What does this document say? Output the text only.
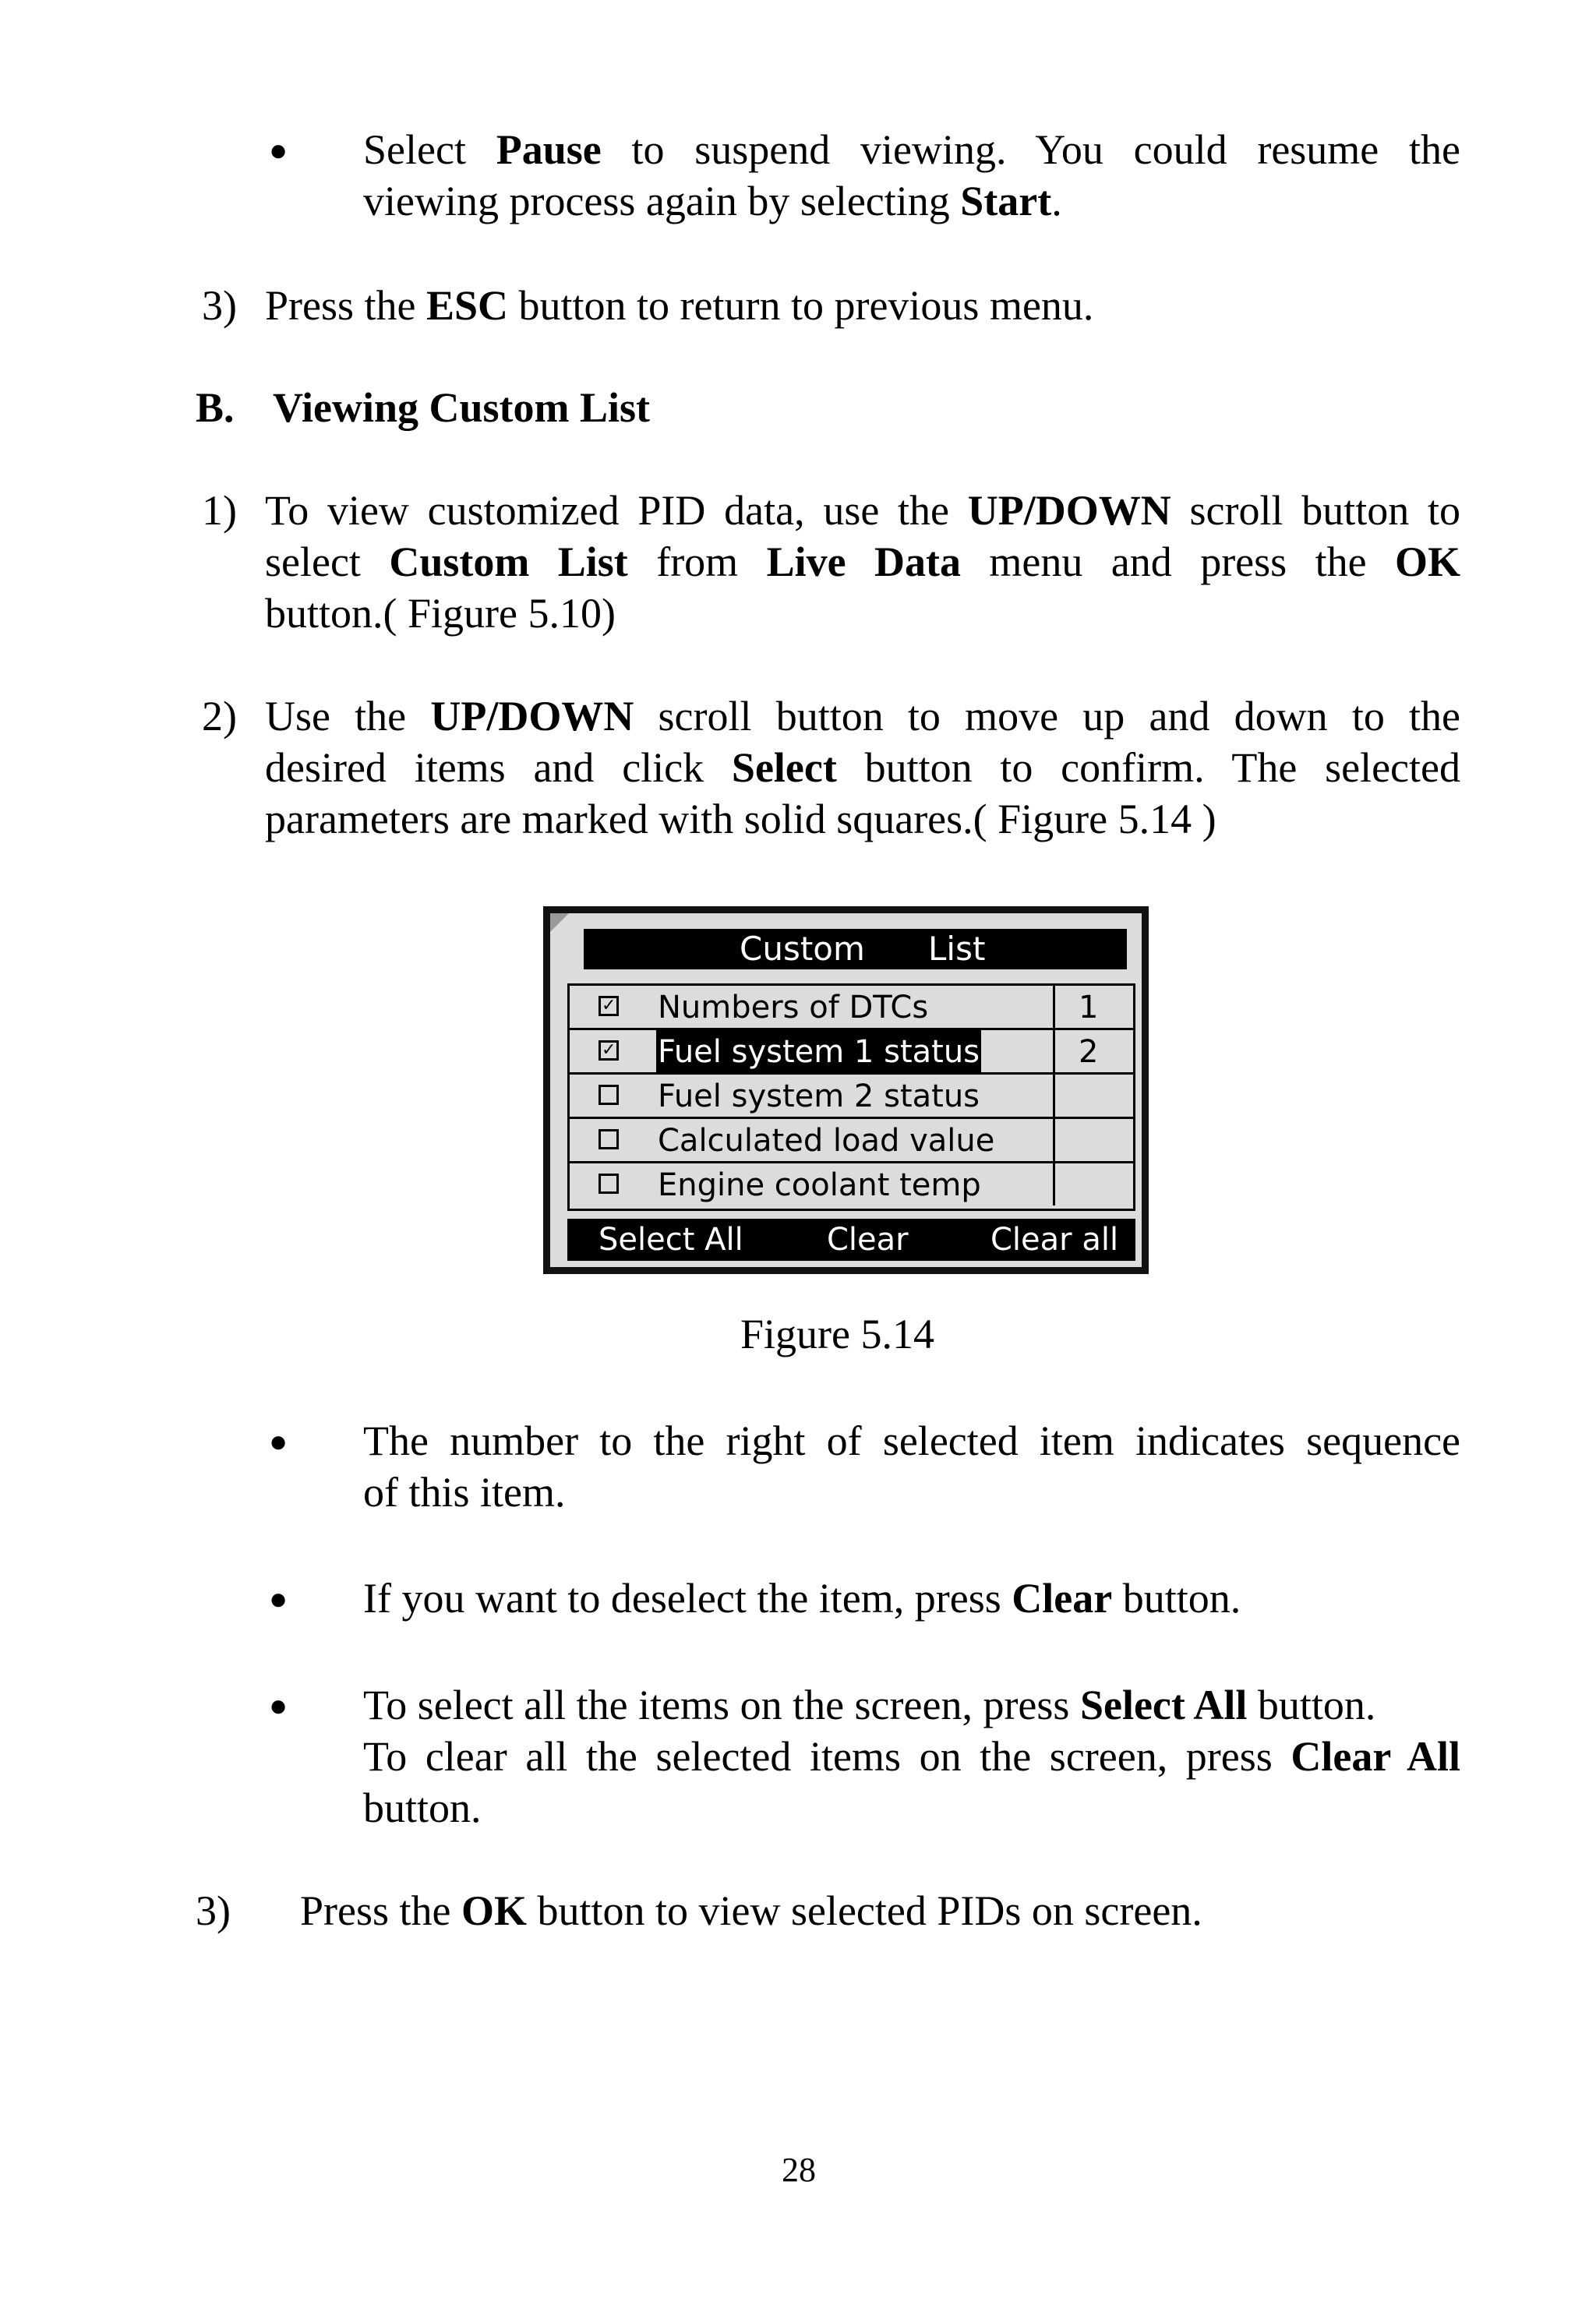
● Select Pause to suspend viewing. You could resume the
viewing process again by selecting Start.
3) Press the ESC button to return to previous menu.
B. Viewing Custom List
1) To view customized PID data, use the UP/DOWN scroll button to
select Custom List from Live Data menu and press the OK
button.( Figure 5.10)
2) Use the UP/DOWN scroll button to move up and down to the
desired items and click Select button to confirm. The selected
parameters are marked with solid squares.( Figure 5.14 )
Custom List
✓
Numbers of DTCs	1
✓
Fuel system 1 status	2
Fuel system 2 status
Calculated load value
Engine coolant temp
Select All	Clear	Clear all
Figure 5.14
● The number to the right of selected item indicates sequence
of this item.
● If you want to deselect the item, press Clear button.
● To select all the items on the screen, press Select All button.
To clear all the selected items on the screen, press Clear All
button.
3) Press the OK button to view selected PIDs on screen.
28
